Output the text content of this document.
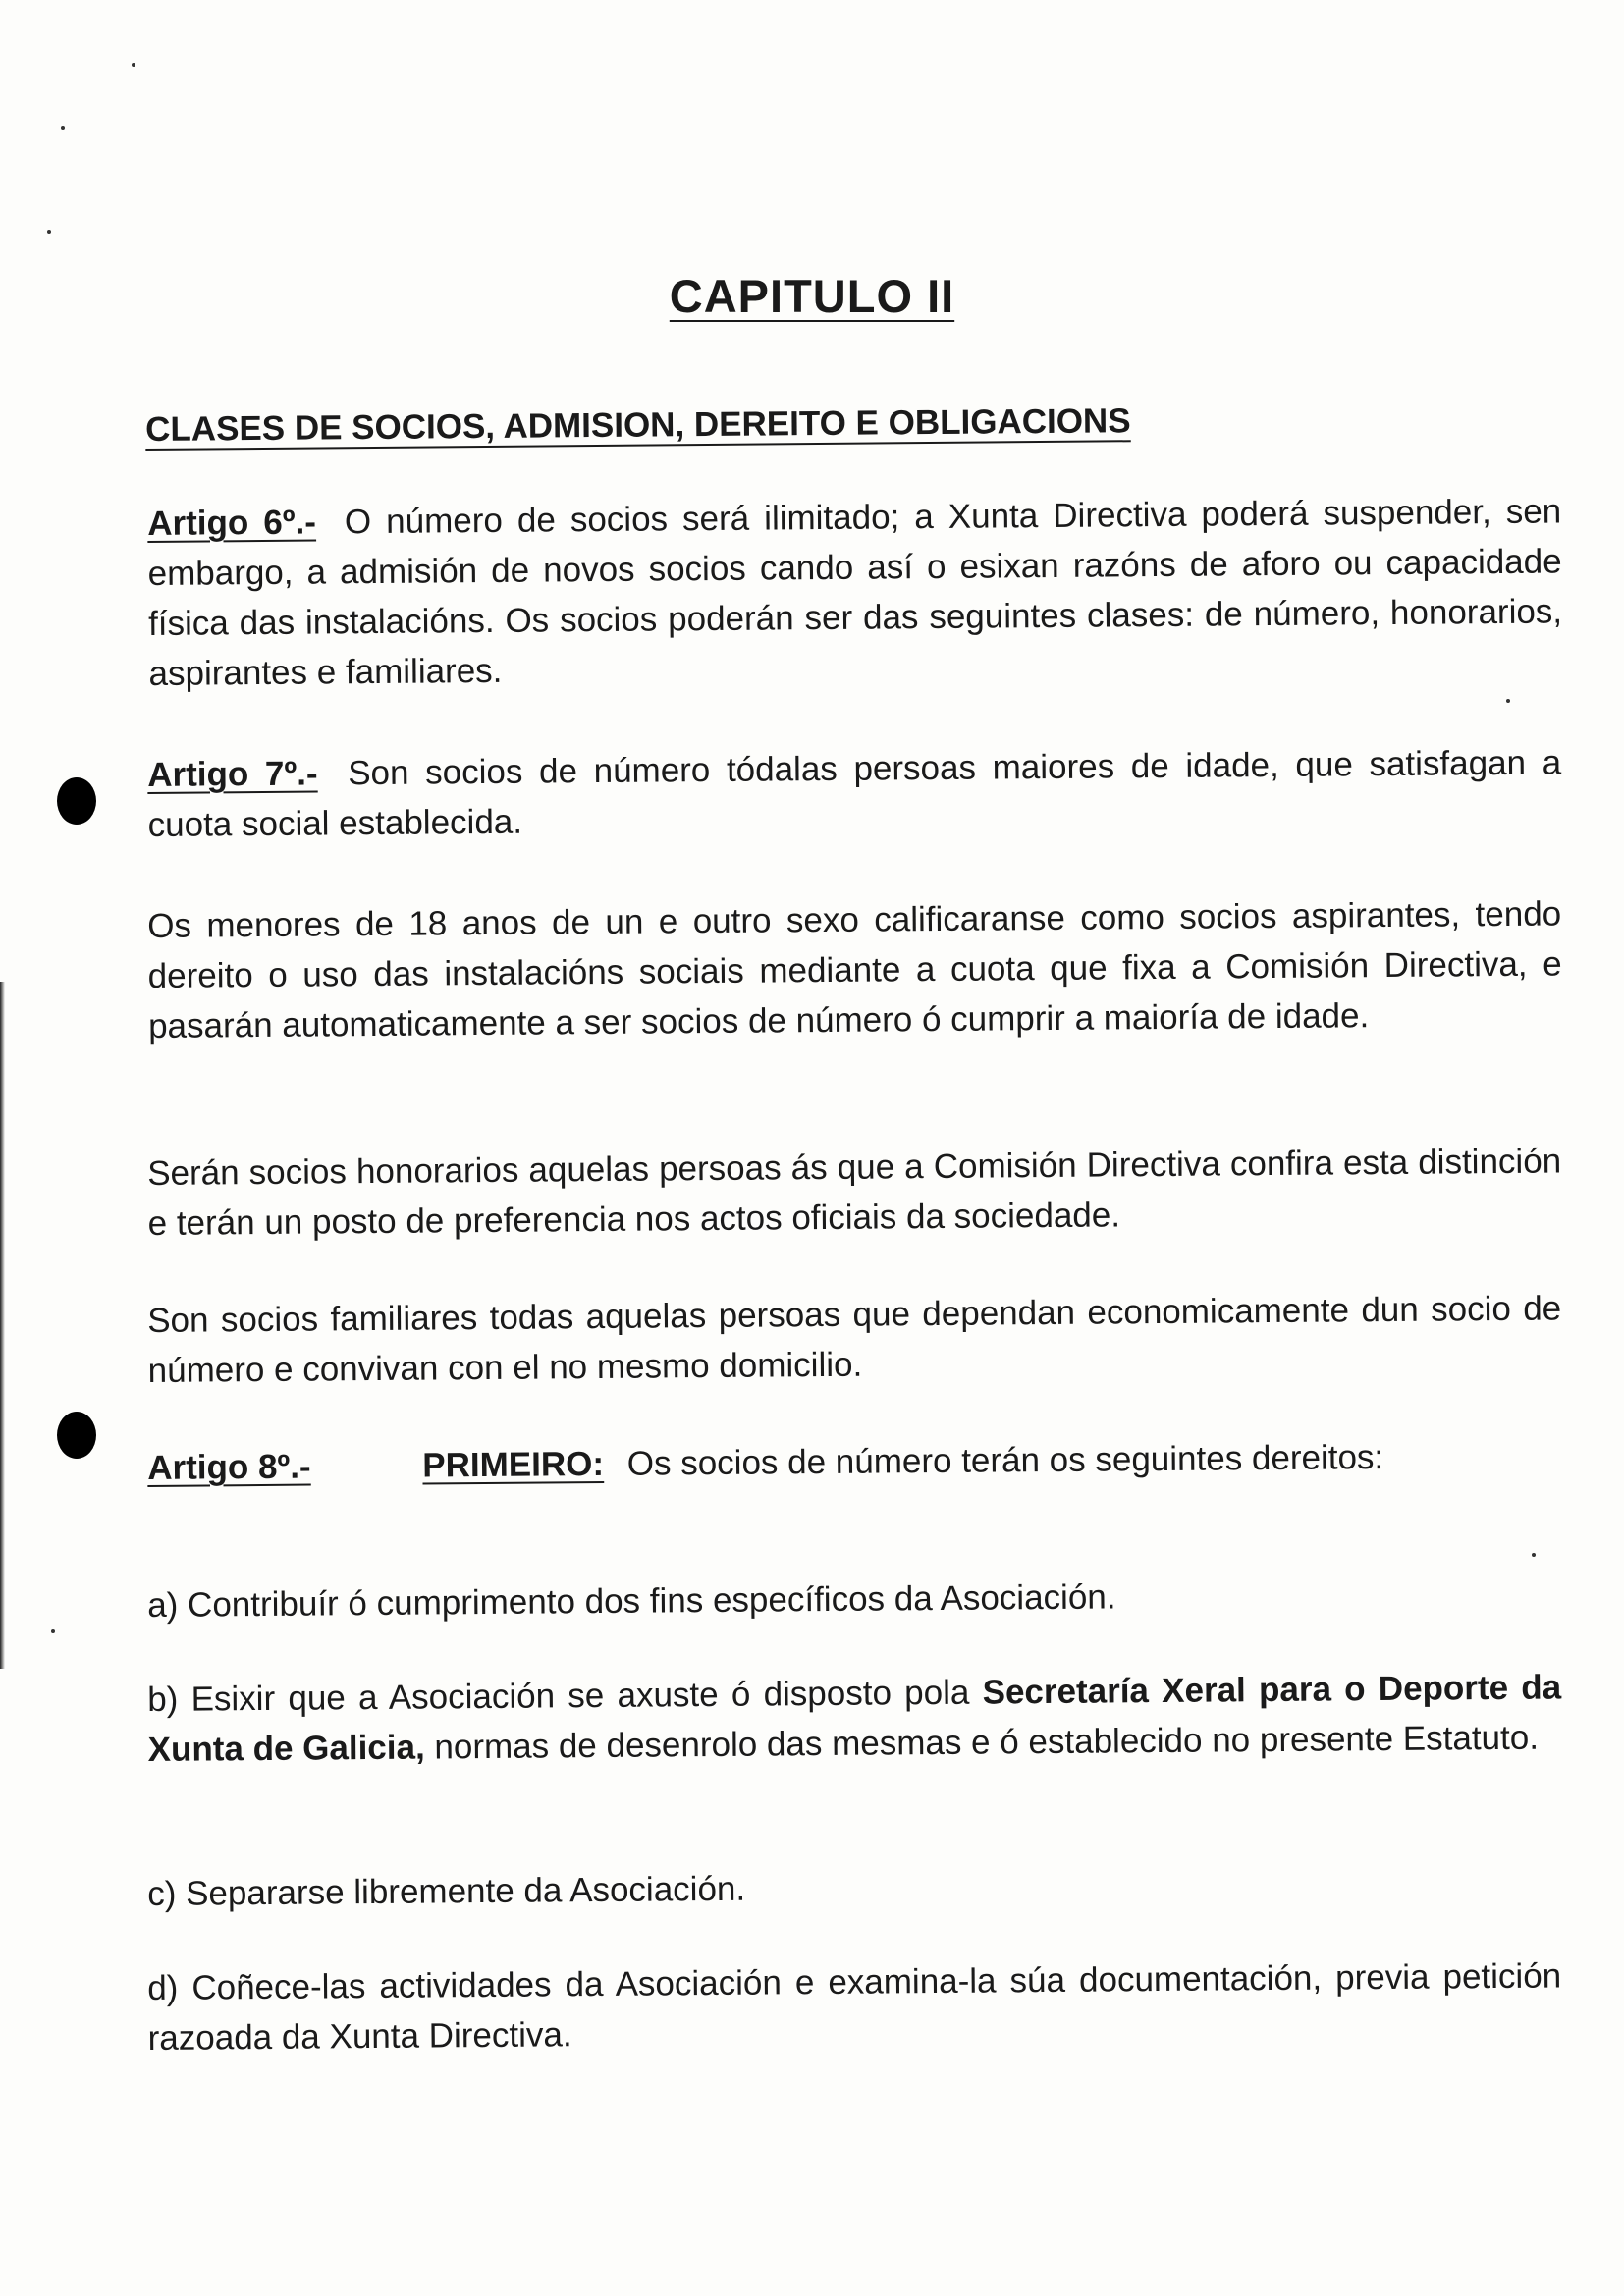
CAPITULO II
CLASES DE SOCIOS, ADMISION, DEREITO E OBLIGACIONS
Artigo 6º.- O número de socios será ilimitado; a Xunta Directiva poderá suspender, sen embargo, a admisión de novos socios cando así o esixan razóns de aforo ou capacidade física das instalacións. Os socios poderán ser das seguintes clases: de número, honorarios, aspirantes e familiares.
Artigo 7º.- Son socios de número tódalas persoas maiores de idade, que satisfagan a cuota social establecida.
Os menores de 18 anos de un e outro sexo calificaranse como socios aspirantes, tendo dereito o uso das instalacións sociais mediante a cuota que fixa a Comisión Directiva, e pasarán automaticamente a ser socios de número ó cumprir a maioría de idade.
Serán socios honorarios aquelas persoas ás que a Comisión Directiva confira esta distinción e terán un posto de preferencia nos actos oficiais da sociedade.
Son socios familiares todas aquelas persoas que dependan economicamente dun socio de número e convivan con el no mesmo domicilio.
Artigo 8º.-	PRIMEIRO: Os socios de número terán os seguintes dereitos:
a) Contribuír ó cumprimento dos fins específicos da Asociación.
b) Esixir que a Asociación se axuste ó disposto pola Secretaría Xeral para o Deporte da Xunta de Galicia, normas de desenrolo das mesmas e ó establecido no presente Estatuto.
c) Separarse libremente da Asociación.
d) Coñece-las actividades da Asociación e examina-la súa documentación, previa petición razoada da Xunta Directiva.
